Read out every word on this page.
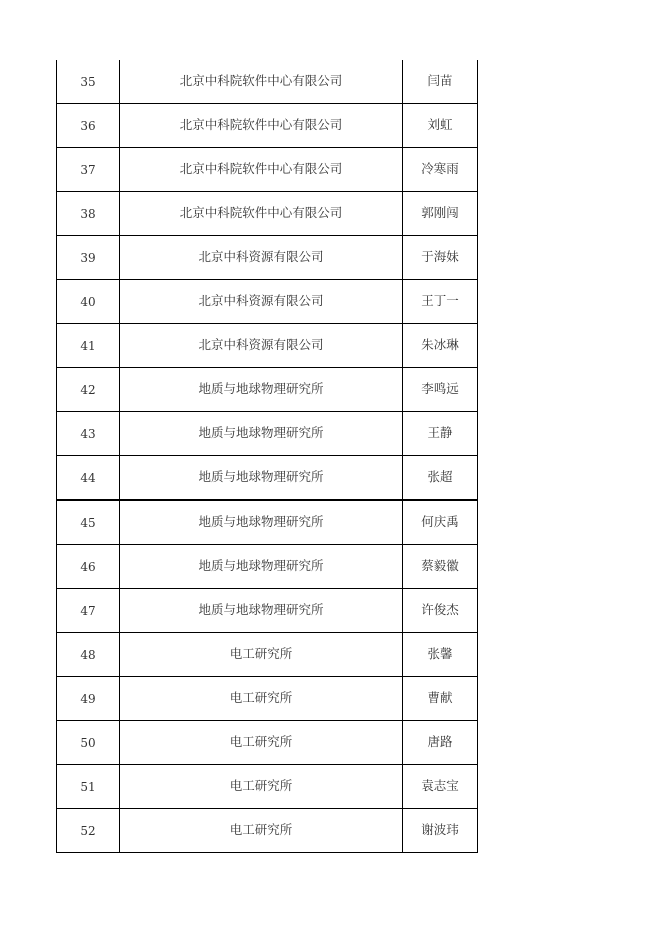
35	北京中科院软件中心有限公司	闫苗
36	北京中科院软件中心有限公司	刘虹
37	北京中科院软件中心有限公司	冷寒雨
38	北京中科院软件中心有限公司	郭刚闯
39	北京中科资源有限公司	于海妹
40	北京中科资源有限公司	王丁一
41	北京中科资源有限公司	朱冰琳
42	地质与地球物理研究所	李鸣远
43	地质与地球物理研究所	王静
44	地质与地球物理研究所	张超
45	地质与地球物理研究所	何庆禹
46	地质与地球物理研究所	蔡毅徽
47	地质与地球物理研究所	许俊杰
48	电工研究所	张馨
49	电工研究所	曹献
50	电工研究所	唐路
51	电工研究所	袁志宝
52	电工研究所	谢波玮
